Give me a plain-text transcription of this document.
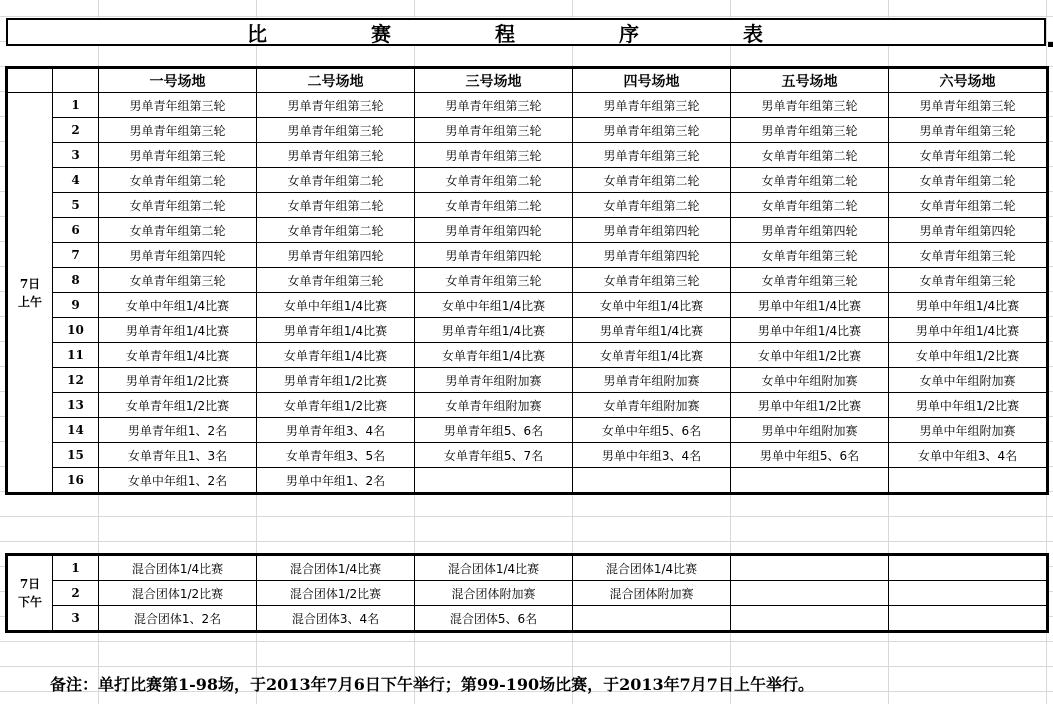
比　赛　程　序　表
		一号场地	二号场地	三号场地	四号场地	五号场地	六号场地

7日
上午	1	男单青年组第三轮	男单青年组第三轮	男单青年组第三轮	男单青年组第三轮	男单青年组第三轮	男单青年组第三轮
	2	男单青年组第三轮	男单青年组第三轮	男单青年组第三轮	男单青年组第三轮	男单青年组第三轮	男单青年组第三轮
	3	男单青年组第三轮	男单青年组第三轮	男单青年组第三轮	男单青年组第三轮	女单青年组第二轮	女单青年组第二轮
	4	女单青年组第二轮	女单青年组第二轮	女单青年组第二轮	女单青年组第二轮	女单青年组第二轮	女单青年组第二轮
	5	女单青年组第二轮	女单青年组第二轮	女单青年组第二轮	女单青年组第二轮	女单青年组第二轮	女单青年组第二轮
	6	女单青年组第二轮	女单青年组第二轮	男单青年组第四轮	男单青年组第四轮	男单青年组第四轮	男单青年组第四轮
	7	男单青年组第四轮	男单青年组第四轮	男单青年组第四轮	男单青年组第四轮	女单青年组第三轮	女单青年组第三轮
	8	女单青年组第三轮	女单青年组第三轮	女单青年组第三轮	女单青年组第三轮	女单青年组第三轮	女单青年组第三轮
	9	女单中年组1/4比赛	女单中年组1/4比赛	女单中年组1/4比赛	女单中年组1/4比赛	男单中年组1/4比赛	男单中年组1/4比赛
	10	男单青年组1/4比赛	男单青年组1/4比赛	男单青年组1/4比赛	男单青年组1/4比赛	男单中年组1/4比赛	男单中年组1/4比赛
	11	女单青年组1/4比赛	女单青年组1/4比赛	女单青年组1/4比赛	女单青年组1/4比赛	女单中年组1/2比赛	女单中年组1/2比赛
	12	男单青年组1/2比赛	男单青年组1/2比赛	男单青年组附加赛	男单青年组附加赛	女单中年组附加赛	女单中年组附加赛
	13	女单青年组1/2比赛	女单青年组1/2比赛	女单青年组附加赛	女单青年组附加赛	男单中年组1/2比赛	男单中年组1/2比赛
	14	男单青年组1、2名	男单青年组3、4名	男单青年组5、6名	女单中年组5、6名	男单中年组附加赛	男单中年组附加赛
	15	女单青年且1、3名	女单青年组3、5名	女单青年组5、7名	男单中年组3、4名	男单中年组5、6名	女单中年组3、4名
	16	女单中年组1、2名	男单中年组1、2名				
7日
下午	1	混合团体1/4比赛	混合团体1/4比赛	混合团体1/4比赛	混合团体1/4比赛		
	2	混合团体1/2比赛	混合团体1/2比赛	混合团体附加赛	混合团体附加赛		
	3	混合团体1、2名	混合团体3、4名	混合团体5、6名			
备注：单打比赛第1-98场，于2013年7月6日下午举行；第99-190场比赛，于2013年7月7日上午举行。
